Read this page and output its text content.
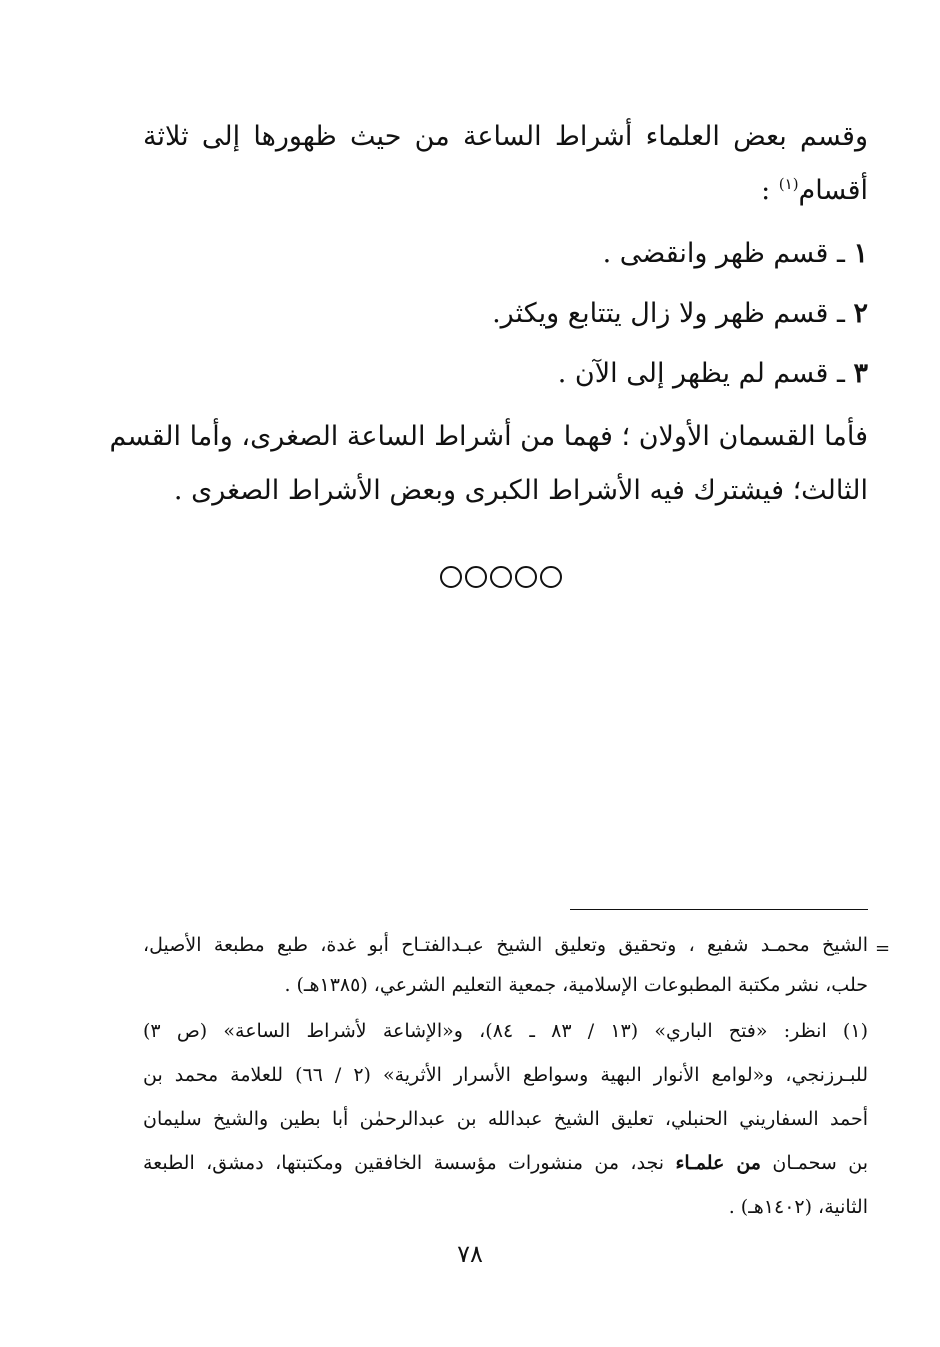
وقسم بعض العلماء أشراط الساعة من حيث ظهورها إلى ثلاثة
أقسام$^{(١)}$ :
١ ـ قسم ظهر وانقضى .
٢ ـ قسم ظهر ولا زال يتتابع ويكثر.
٣ ـ قسم لم يظهر إلى الآن .
فأما القسمان الأولان ؛ فهما من أشراط الساعة الصغرى، وأما القسم
الثالث؛ فيشترك فيه الأشراط الكبرى وبعض الأشراط الصغرى .
=
الشيخ محمـد شفيع ، وتحقيق وتعليق الشيخ عبـدالفتـاح أبو غدة، طبع مطبعة الأصيل،
حلب، نشر مكتبة المطبوعات الإسلامية، جمعية التعليم الشرعي، (١٣٨٥هـ) .
(١) انظر: «فتح الباري» (١٣ / ٨٣ ـ ٨٤)، و«الإشاعة لأشراط الساعة» (ص ٣)
للبـرزنجي، و«لوامع الأنوار البهية وسواطع الأسرار الأثرية» (٢ / ٦٦) للعلامة محمد بن
أحمد السفاريني الحنبلي، تعليق الشيخ عبدالله بن عبدالرحمٰن أبا بطين والشيخ سليمان
بن سحمـان من علمـاء نجد، من منشورات مؤسسة الخافقين ومكتبتها، دمشق، الطبعة
الثانية، (١٤٠٢هـ) .
٧٨
